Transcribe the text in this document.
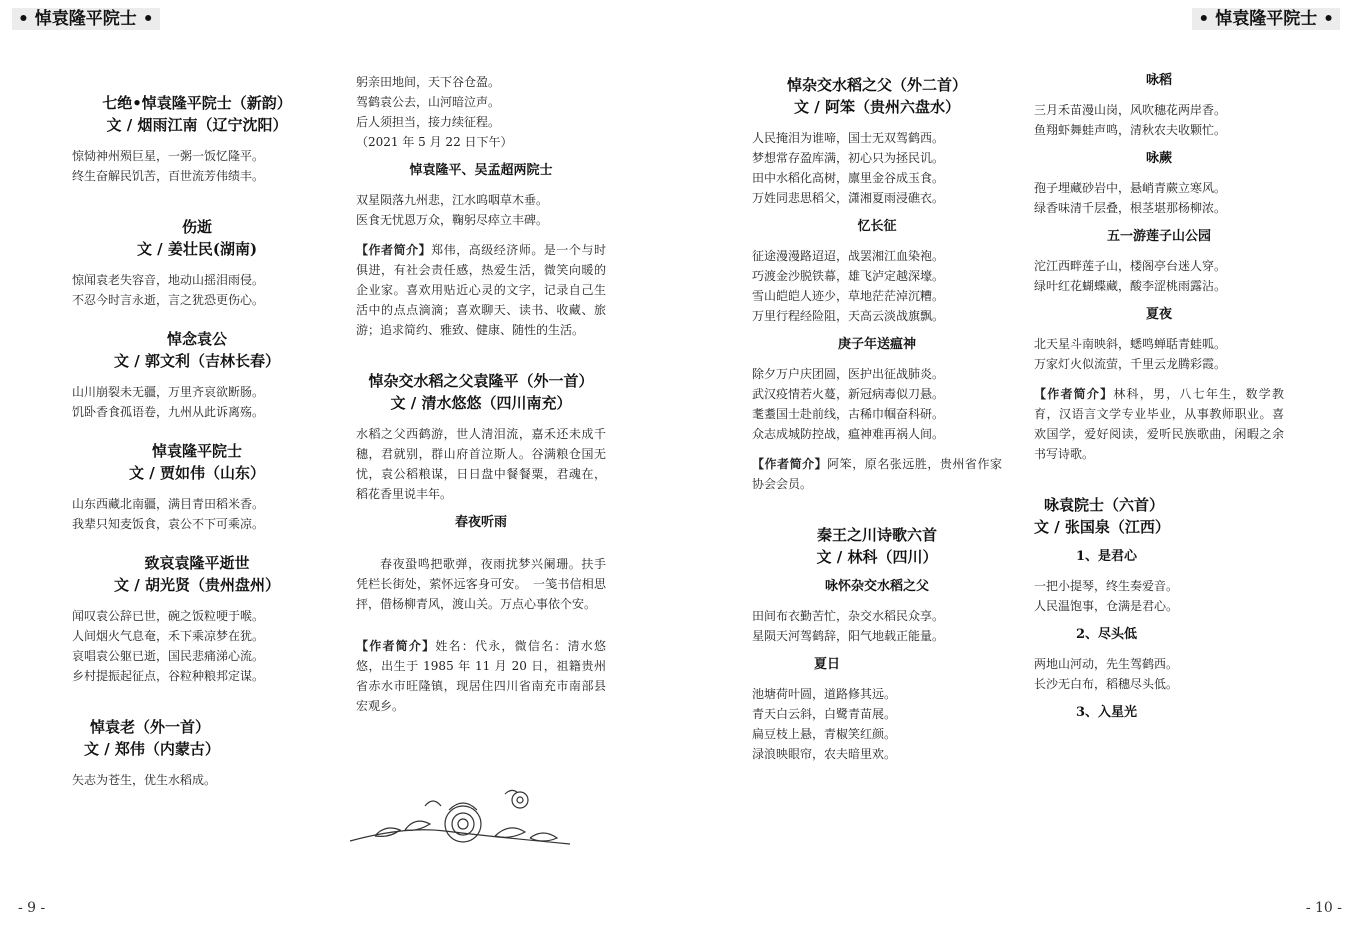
• 悼袁隆平院士 •	• 悼袁隆平院士 •
七绝•悼袁隆平院士（新韵）
文 / 烟雨江南（辽宁沈阳）

惊恸神州殒巨星，一粥一饭忆隆平。

终生奋解民饥苦，百世流芳伟绩丰。

伤逝
文 / 姜壮民(湖南)

惊闻袁老失容音，地动山摇泪雨侵。

不忍今时言永逝，言之犹恐更伤心。

悼念袁公
文 / 郭文利（吉林长春）

山川崩裂未无疆，万里齐哀欲断肠。

饥卧香食孤语卷，九州从此诉离殇。

悼袁隆平院士
文 / 贾如伟（山东）

山东西藏北南疆，满目青田稻米香。

我辈只知麦饭食，袁公不下可乘凉。

致哀袁隆平逝世
文 / 胡光贤（贵州盘州）

闻叹袁公辞已世，碗之饭粒哽于喉。

人间烟火气息奄，禾下乘凉梦在犹。

哀唱袁公躯已逝，国民悲痛涕心流。

乡村提振起征点，谷粒种粮邦定谋。

悼袁老（外一首）
文 / 郑伟（内蒙古）

矢志为苍生，优生水稻成。

躬亲田地间，天下谷仓盈。

驾鹤袁公去，山河暗泣声。

后人须担当，接力续征程。

（2021 年 5 月 22 日下午）

悼袁隆平、吴孟超两院士

双星陨落九州悲，江水呜咽草木垂。

医食无忧恩万众，鞠躬尽瘁立丰碑。

【作者简介】郑伟，高级经济师。是一个与时俱进，有社会责任感，热爱生活，微笑向暖的企业家。喜欢用贴近心灵的文字，记录自己生活中的点点滴滴；喜欢聊天、读书、收藏、旅游；追求简约、雅致、健康、随性的生活。

悼杂交水稻之父袁隆平（外一首）
文 / 清水悠悠（四川南充）

水稻之父西鹤游，世人清泪流，嘉禾还未成千穗，君就别，群山府首泣斯人。谷满粮仓国无忧，袁公稻粮谋，日日盘中餐餐粟，君魂在，稻花香里说丰年。

春夜听雨

春夜蛩鸣把歌弹，夜雨扰梦兴阑珊。扶手凭栏长街处，萦怀远客身可安。　一笺书信相思抨，借杨柳青风，渡山关。万点心事依个安。

【作者简介】姓名：代永，微信名：清水悠悠，出生于 1985 年 11 月 20 日，祖籍贵州省赤水市旺隆镇，现居住四川省南充市南部县宏观乡。

悼杂交水稻之父（外二首）
文 / 阿笨（贵州六盘水）

人民掩泪为谁啼，国士无双驾鹤西。

梦想常存盈库满，初心只为拯民讥。

田中水稻化高树，廪里金谷成玉食。

万姓同悲思稻父，潇湘夏雨浸礁衣。

忆长征

征途漫漫路迢迢，战罢湘江血染袍。

巧渡金沙脱铁幕，雄飞泸定越深壕。

雪山皑皑人迹少，草地茫茫淖沉糟。

万里行程经险阻，天高云淡战旗飘。

庚子年送瘟神

除夕万户庆团圆，医护出征战肺炎。

武汉疫情若火蔓，新冠病毒似刀悬。

耄耋国士赴前线，古稀巾帼奋科研。

众志成城防控战，瘟神难再祸人间。

【作者简介】阿笨，原名张远胜，贵州省作家协会会员。

秦王之川诗歌六首
文 / 林科（四川）
咏怀杂交水稻之父

田间布衣勤苦忙，杂交水稻民众享。

星陨天河驾鹤辞，阳气地载正能量。

夏日

池塘荷叶圆，道路修其远。

青天白云斜，白鹭青苗展。

扁豆枝上悬，青椒笑红颜。

渌浪映眼帘，农夫暗里欢。

咏稻

三月禾苗漫山岗，风吹穗花两岸香。

鱼翔虾舞蛙声鸣，清秋农夫收颗忙。

咏蕨

孢子埋藏砂岩中，悬峭青蕨立寒风。

绿香味清千层叠，根茎堪那杨柳浓。

五一游莲子山公园

沱江西畔莲子山，楼阁亭台迷人穿。

绿叶红花蝴蝶藏，酸李涩桃雨露沾。

夏夜

北天星斗南映斜，蟋鸣蝉聒青蛙呱。

万家灯火似流萤，千里云龙腾彩霞。

【作者简介】林科，男，八七年生，数学教育，汉语言文学专业毕业，从事教师职业。喜欢国学，爱好阅读，爱听民族歌曲，闲暇之余书写诗歌。

咏袁院士（六首）
文 / 张国泉（江西）
1、是君心

一把小提琴，终生奏爱音。

人民温饱事，仓满是君心。

2、尽头低

两地山河动，先生驾鹤西。

长沙无白布，稻穗尽头低。

3、入星光
- 9 -	- 10 -
